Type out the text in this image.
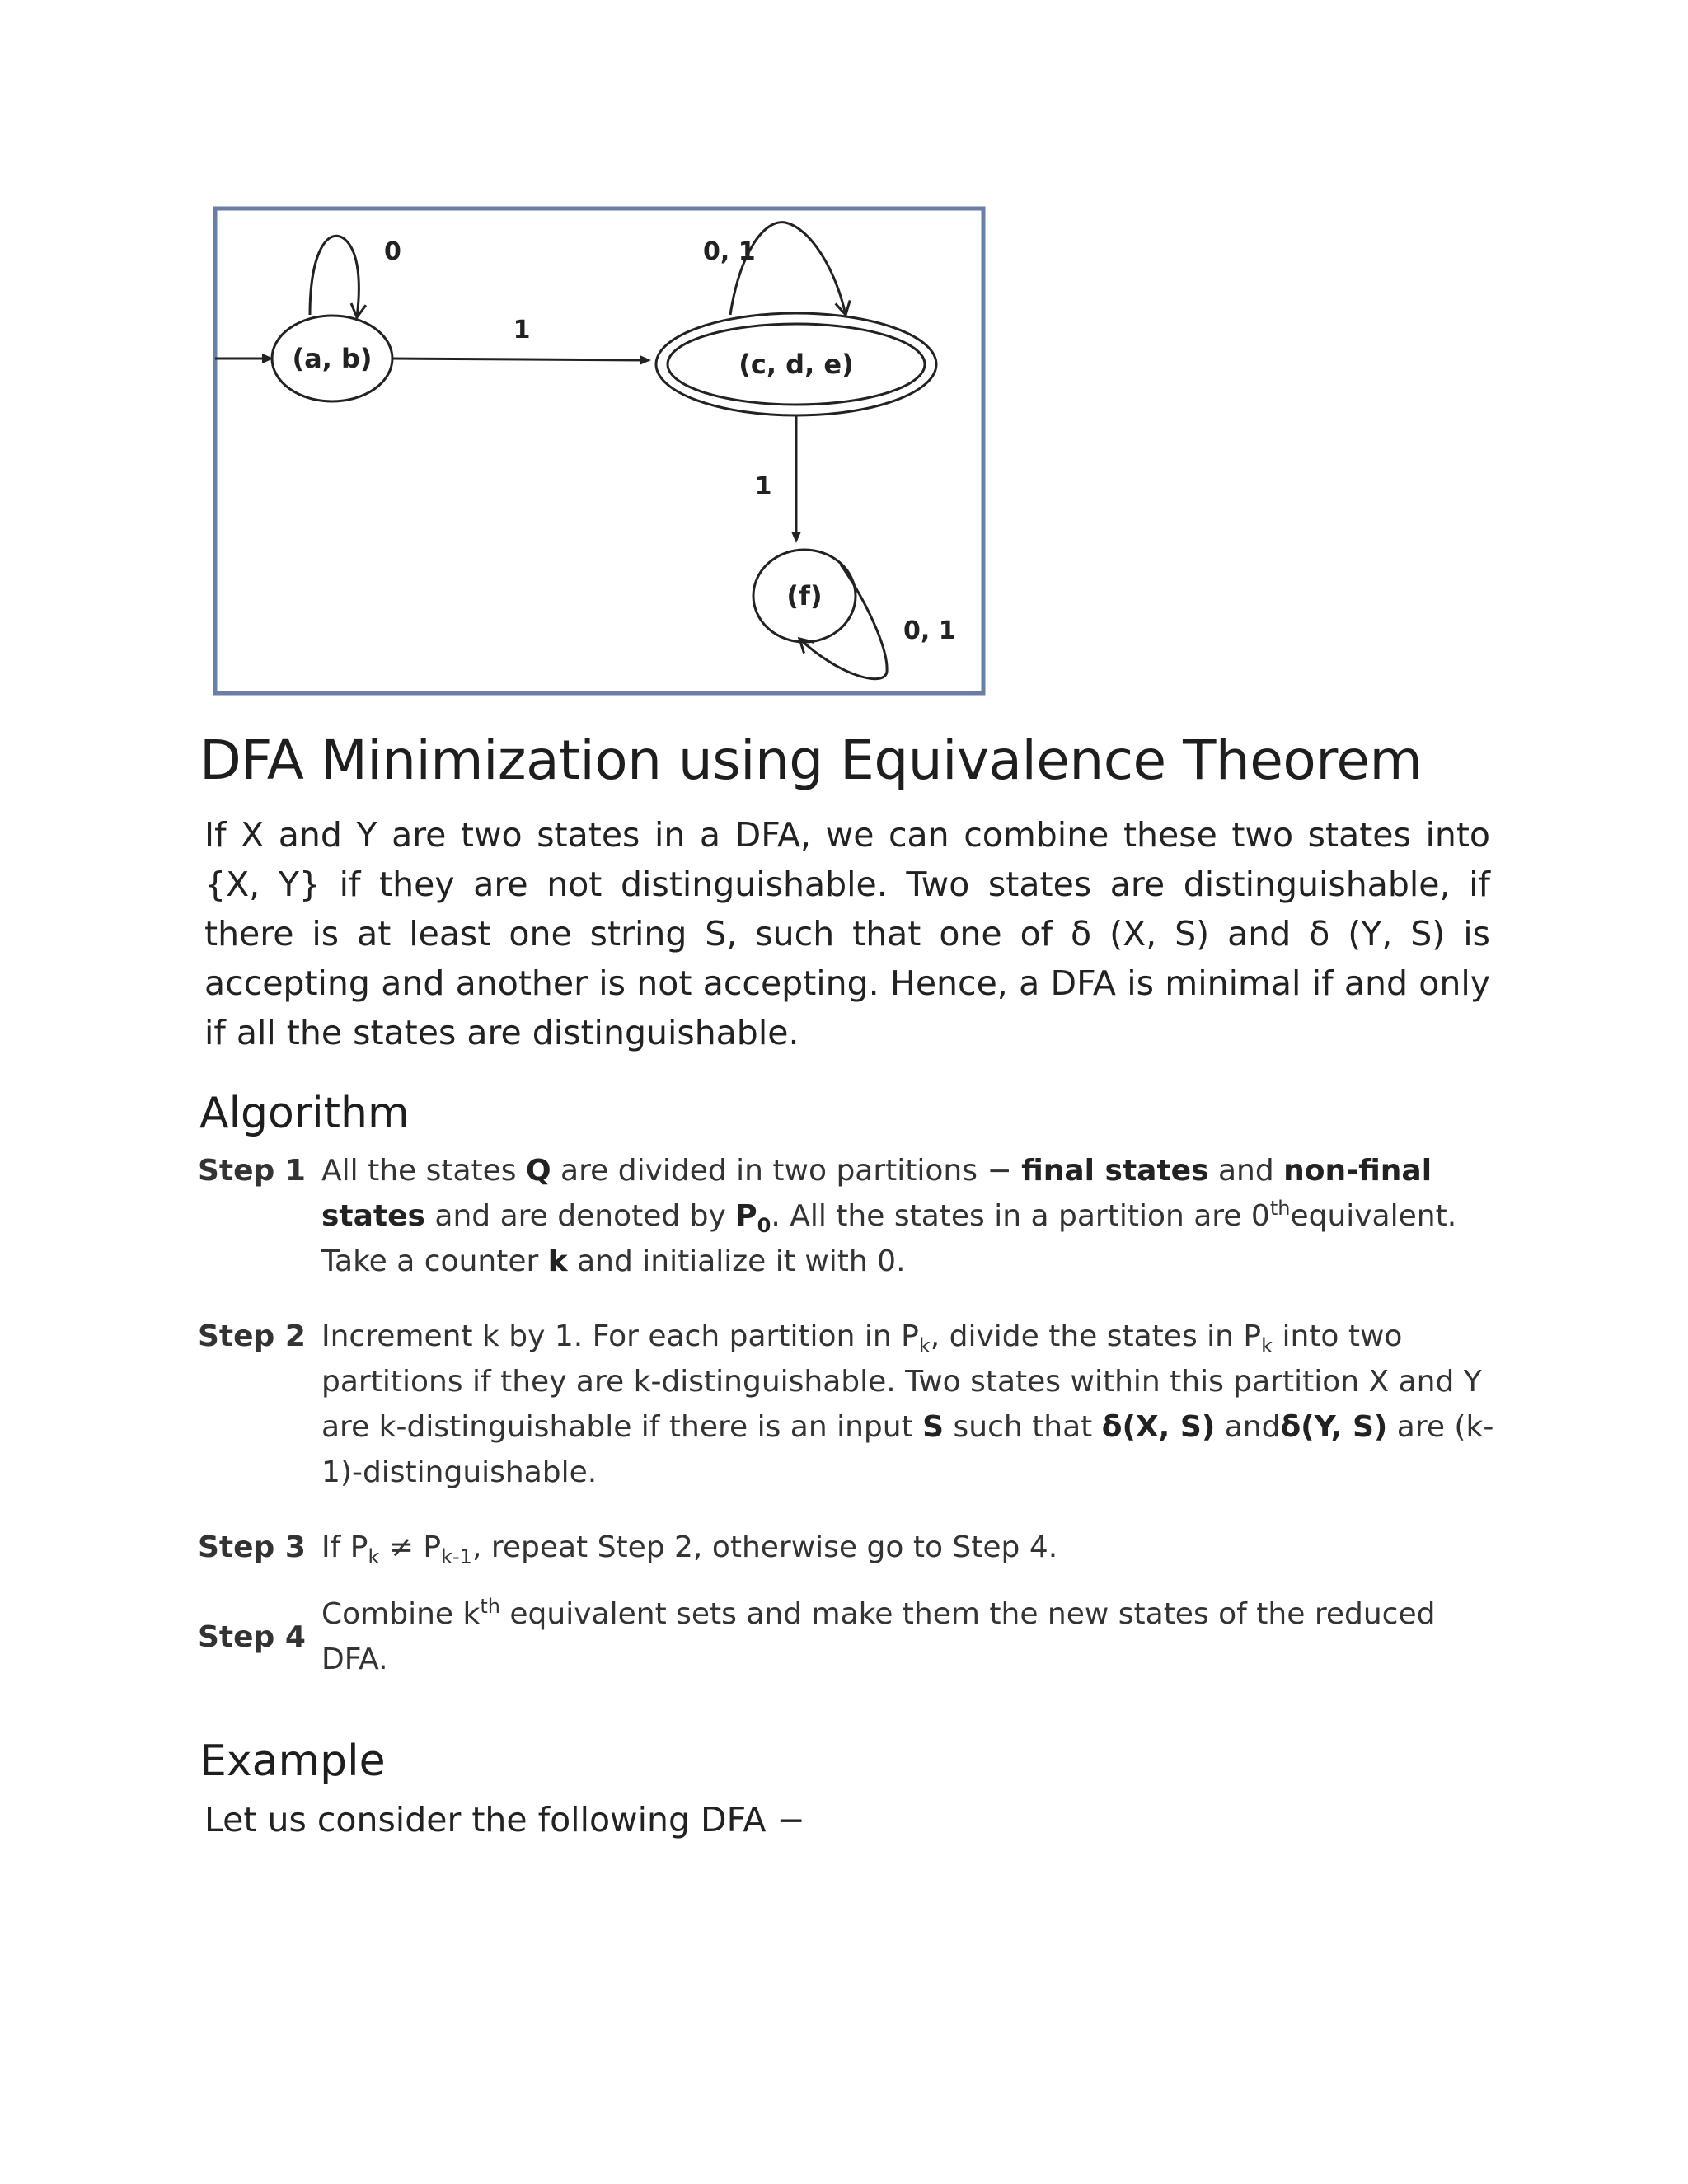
(a, b)
0
1
(c, d, e)
0, 1
1
(f)
0, 1
DFA Minimization using Equivalence Theorem

If X and Y are two states in a DFA, we can combine these two states into {X, Y} if they are not distinguishable. Two states are distinguishable, if there is at least one string S, such that one of δ (X, S) and δ (Y, S) is accepting and another is not accepting. Hence, a DFA is minimal if and only if all the states are distinguishable.

Algorithm
Step 1	All the states Q are divided in two partitions − final states and non-final states and are denoted by $P_0$. All the states in a partition are 0thequivalent. Take a counter k and initialize it with 0.

Step 2	Increment k by 1. For each partition in $P_k$, divide the states in $P_k$ into two partitions if they are k-distinguishable. Two states within this partition X and Y are k-distinguishable if there is an input S such that δ(X, S) andδ(Y, S) are (k-1)-distinguishable.

Step 3	If $P_k \ne P_{k-1}$, repeat Step 2, otherwise go to Step 4.

Step 4	Combine $k^{th}$ equivalent sets and make them the new states of the reduced DFA.
Example

Let us consider the following DFA −
